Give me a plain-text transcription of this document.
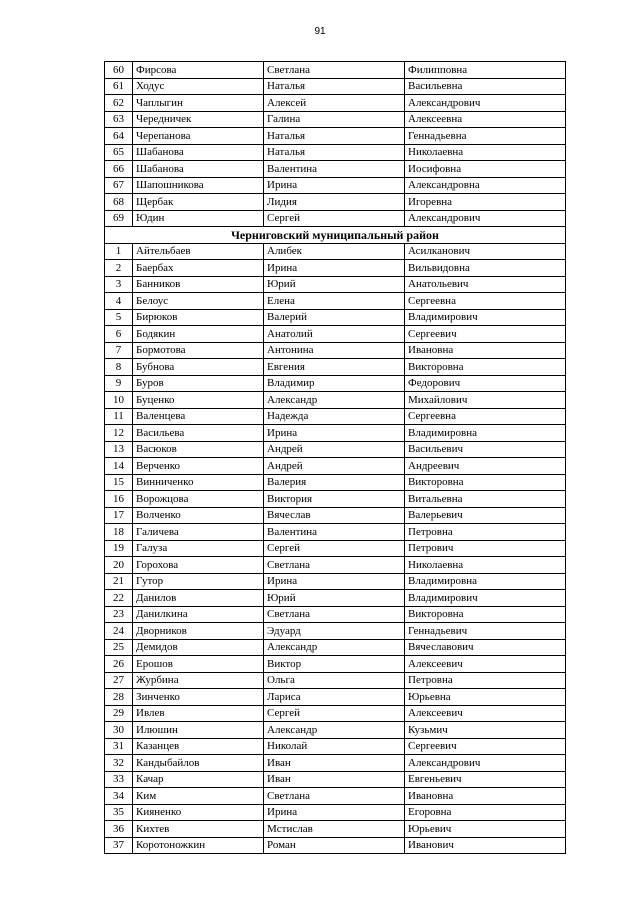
91
60	Фирсова	Светлана	Филипповна
61	Ходус	Наталья	Васильевна
62	Чаплыгин	Алексей	Александрович
63	Чередничек	Галина	Алексеевна
64	Черепанова	Наталья	Геннадьевна
65	Шабанова	Наталья	Николаевна
66	Шабанова	Валентина	Иосифовна
67	Шапошникова	Ирина	Александровна
68	Щербак	Лидия	Игоревна
69	Юдин	Сергей	Александрович
Черниговский муниципальный район			
1	Айтельбаев	Алибек	Асилканович
2	Баербах	Ирина	Вильвидовна
3	Банников	Юрий	Анатольевич
4	Белоус	Елена	Сергеевна
5	Бирюков	Валерий	Владимирович
6	Бодякин	Анатолий	Сергеевич
7	Бормотова	Антонина	Ивановна
8	Бубнова	Евгения	Викторовна
9	Буров	Владимир	Федорович
10	Буценко	Александр	Михайлович
11	Валенцева	Надежда	Сергеевна
12	Васильева	Ирина	Владимировна
13	Васюков	Андрей	Васильевич
14	Верченко	Андрей	Андреевич
15	Винниченко	Валерия	Викторовна
16	Ворожцова	Виктория	Витальевна
17	Волченко	Вячеслав	Валерьевич
18	Галичева	Валентина	Петровна
19	Галуза	Сергей	Петрович
20	Горохова	Светлана	Николаевна
21	Гутор	Ирина	Владимировна
22	Данилов	Юрий	Владимирович
23	Данилкина	Светлана	Викторовна
24	Дворников	Эдуард	Геннадьевич
25	Демидов	Александр	Вячеславович
26	Ерошов	Виктор	Алексеевич
27	Журбина	Ольга	Петровна
28	Зинченко	Лариса	Юрьевна
29	Ивлев	Сергей	Алексеевич
30	Илюшин	Александр	Кузьмич
31	Казанцев	Николай	Сергеевич
32	Кандыбайлов	Иван	Александрович
33	Качар	Иван	Евгеньевич
34	Ким	Светлана	Ивановна
35	Кияненко	Ирина	Егоровна
36	Кихтев	Мстислав	Юрьевич
37	Коротоножкин	Роман	Иванович
